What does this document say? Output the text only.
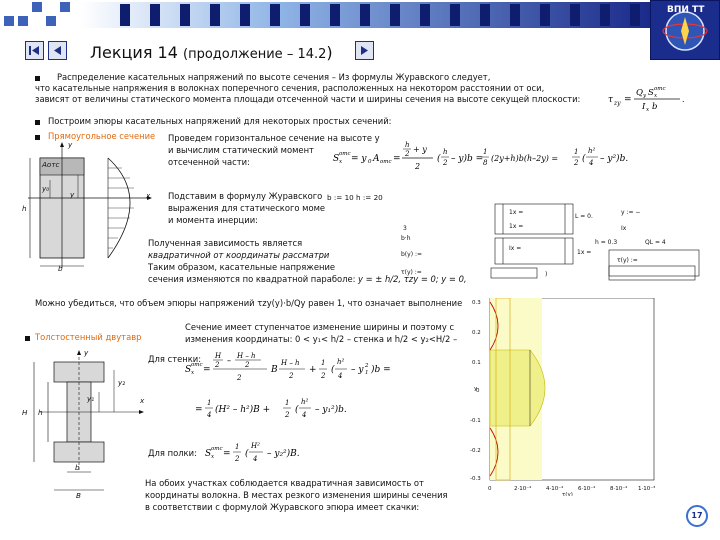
ВПИ ТТ
Лекция 14 (продолжение – 14.2)
Распределение касательных напряжений по высоте сечения – Из формулы Журавского следует,
что касательные напряжения в волокнах поперечного сечения, расположенных на некотором расстоянии от оси,
зависят от величины статического момента площади отсеченной части и ширины сечения на высоте секущей плоскости:	τ zy =
Q y S x
отс
I x b
.
Построим эпюры касательных напряжений для некоторых простых сечений:
Прямоугольное сечение Проведем горизонтальное сечение на высоте y
и вычислим статический момент
отсеченной части:	S x
отс = y 0 A отс =
h
2 + y
2
(
h
2 – y)b =
1
8 (2y+h)b(h–2y) =
1
2 (
h²
4 – y²)b.
y
x
Aотс
y₀
y
h
b
Подставим в формулу Журавского
выражения для статического моме
и момента инерции:
b := 10 h := 20
1x =
1x =
L = 0.
y := −
Ix
h = 0.3	QL = 4
Ix =
1x =
b(y) :=
τ(y) :=
τ(y) :=
)
3
b·h
Полученная зависимость является
квадратичной от координаты рассматри
Таким образом, касательные напряжение
сечения изменяются по квадратной параболе: y = ± h/2, τzy = 0; y = 0,
Можно убедиться, что объем эпюры напряжений τzy(y)·b/Qy равен 1, что означает выполнение
Толстостенный двутавр
Сечение имеет ступенчатое изменение ширины и поэтому с
изменения координаты: 0 < y₁< h/2 – стенка и h/2 < y₂<H/2 –
y
x
H h
b
B
y₁
y₂
Для стенки:
S x
отс =
H
2 – H – h
2
2
B
H – h
2
+
1
2
(
h²
4
– y 1
2 )b =
=
1
4 (H² – h²)B +
1
2 (
h²
4 – y₁²)b.
Для полки: S x
отс =
1
2 (
H²
4 – y₂²)B.
На обоих участках соблюдается квадратичная зависимость от
координаты волокна. В местах резкого изменения ширины сечения
в соответствии с формулой Журавского эпюра имеет скачки:
0.3
0.2
0.1
0
-0.1
-0.2
-0.3
0	2·10⁻⁴	4·10⁻⁴	6·10⁻⁴	8·10⁻⁴ 1·10⁻³
τ(y)
y
17
